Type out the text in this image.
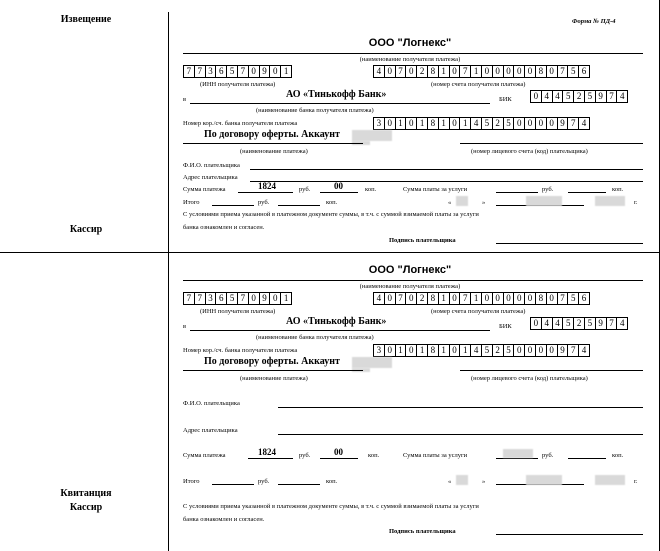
Извещение
Кассир
Квитанция
Кассир
Форма № ПД-4
ООО "Логнекс"
(наименование получателя платежа)
7 7 3 6 5 7 0 9 0 1	4 0 7 0 2 8 1 0 7 1 0 0 0 0 0 8 0 7 5 6
(ИНН получателя платежа)	(номер счета получателя платежа)
в	АО «Тинькофф Банк»	БИК 0 4 4 5 2 5 9 7 4
(наименование банка получателя платежа)
Номер кор./сч. банка получателя платежа	3 0 1 0 1 8 1 0 1 4 5 2 5 0 0 0 0 9 7 4
По договору оферты. Аккаунт
(наименование платежа)	(номер лицевого счета (код) плательщика)
Ф.И.О. плательщика
Адрес плательщика
Сумма платежа	1824	руб.	00	коп.	Сумма платы за услуги	руб.	коп.
Итого	руб.	коп.	«	»	г.
С условиями приема указанной в платежном документе суммы, в т.ч. с суммой взимаемой платы за услуги
банка ознакомлен и согласен.
Подпись плательщика
ООО "Логнекс"
(наименование получателя платежа)
7 7 3 6 5 7 0 9 0 1	4 0 7 0 2 8 1 0 7 1 0 0 0 0 0 8 0 7 5 6
(ИНН получателя платежа)	(номер счета получателя платежа)
в	АО «Тинькофф Банк»	БИК 0 4 4 5 2 5 9 7 4
(наименование банка получателя платежа)
Номер кор./сч. банка получателя платежа	3 0 1 0 1 8 1 0 1 4 5 2 5 0 0 0 0 9 7 4
По договору оферты. Аккаунт
(наименование платежа)	(номер лицевого счета (код) плательщика)
Ф.И.О. плательщика
Адрес плательщика
Сумма платежа	1824	руб.	00	коп.	Сумма платы за услуги	руб.	коп.
Итого	руб.	коп.	«	»	г.
С условиями приема указанной в платежном документе суммы, в т.ч. с суммой взимаемой платы за услуги
банка ознакомлен и согласен.
Подпись плательщика
